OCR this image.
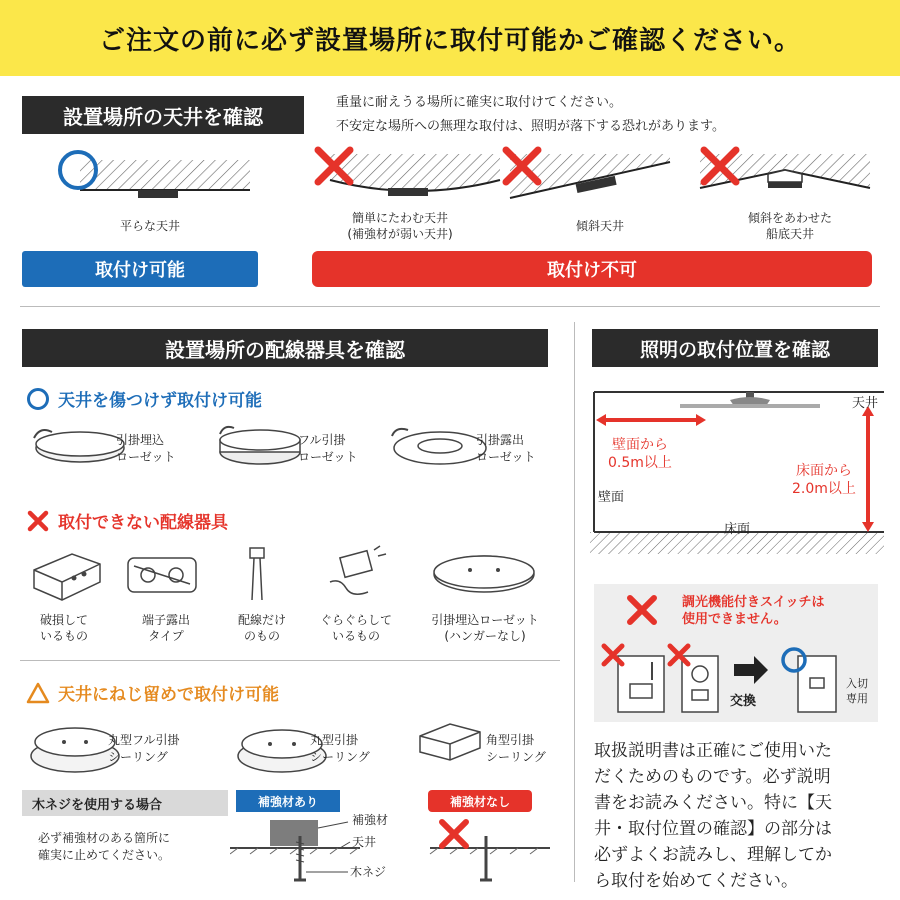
ご注文の前に必ず設置場所に取付可能かご確認ください。
設置場所の天井を確認
重量に耐えうる場所に確実に取付けてください。
不安定な場所への無理な取付は、照明が落下する恐れがあります。
平らな天井
簡単にたわむ天井
(補強材が弱い天井)
傾斜天井
傾斜をあわせた
船底天井
取付け可能	取付け不可
設置場所の配線器具を確認
天井を傷つけず取付け可能
引掛埋込
ローゼット
フル引掛
ローゼット
引掛露出
ローゼット
取付できない配線器具
破損して
いるもの
端子露出
タイプ
配線だけ
のもの
ぐらぐらして
いるもの
引掛埋込ローゼット
(ハンガーなし)
天井にねじ留めで取付け可能
丸型フル引掛
シーリング
丸型引掛
シーリング
角型引掛
シーリング
木ネジを使用する場合
必ず補強材のある箇所に
確実に止めてください。
補強材あり	補強材なし
補強材
天井
木ネジ
照明の取付位置を確認
天井
壁面から
0.5m以上	床面から
2.0m以上
壁面
床面
調光機能付きスイッチは
使用できません。
交換
入切
専用
取扱説明書は正確にご使用いた
だくためのものです。必ず説明
書をお読みください。特に【天
井・取付位置の確認】の部分は
必ずよくお読みし、理解してか
ら取付を始めてください。
